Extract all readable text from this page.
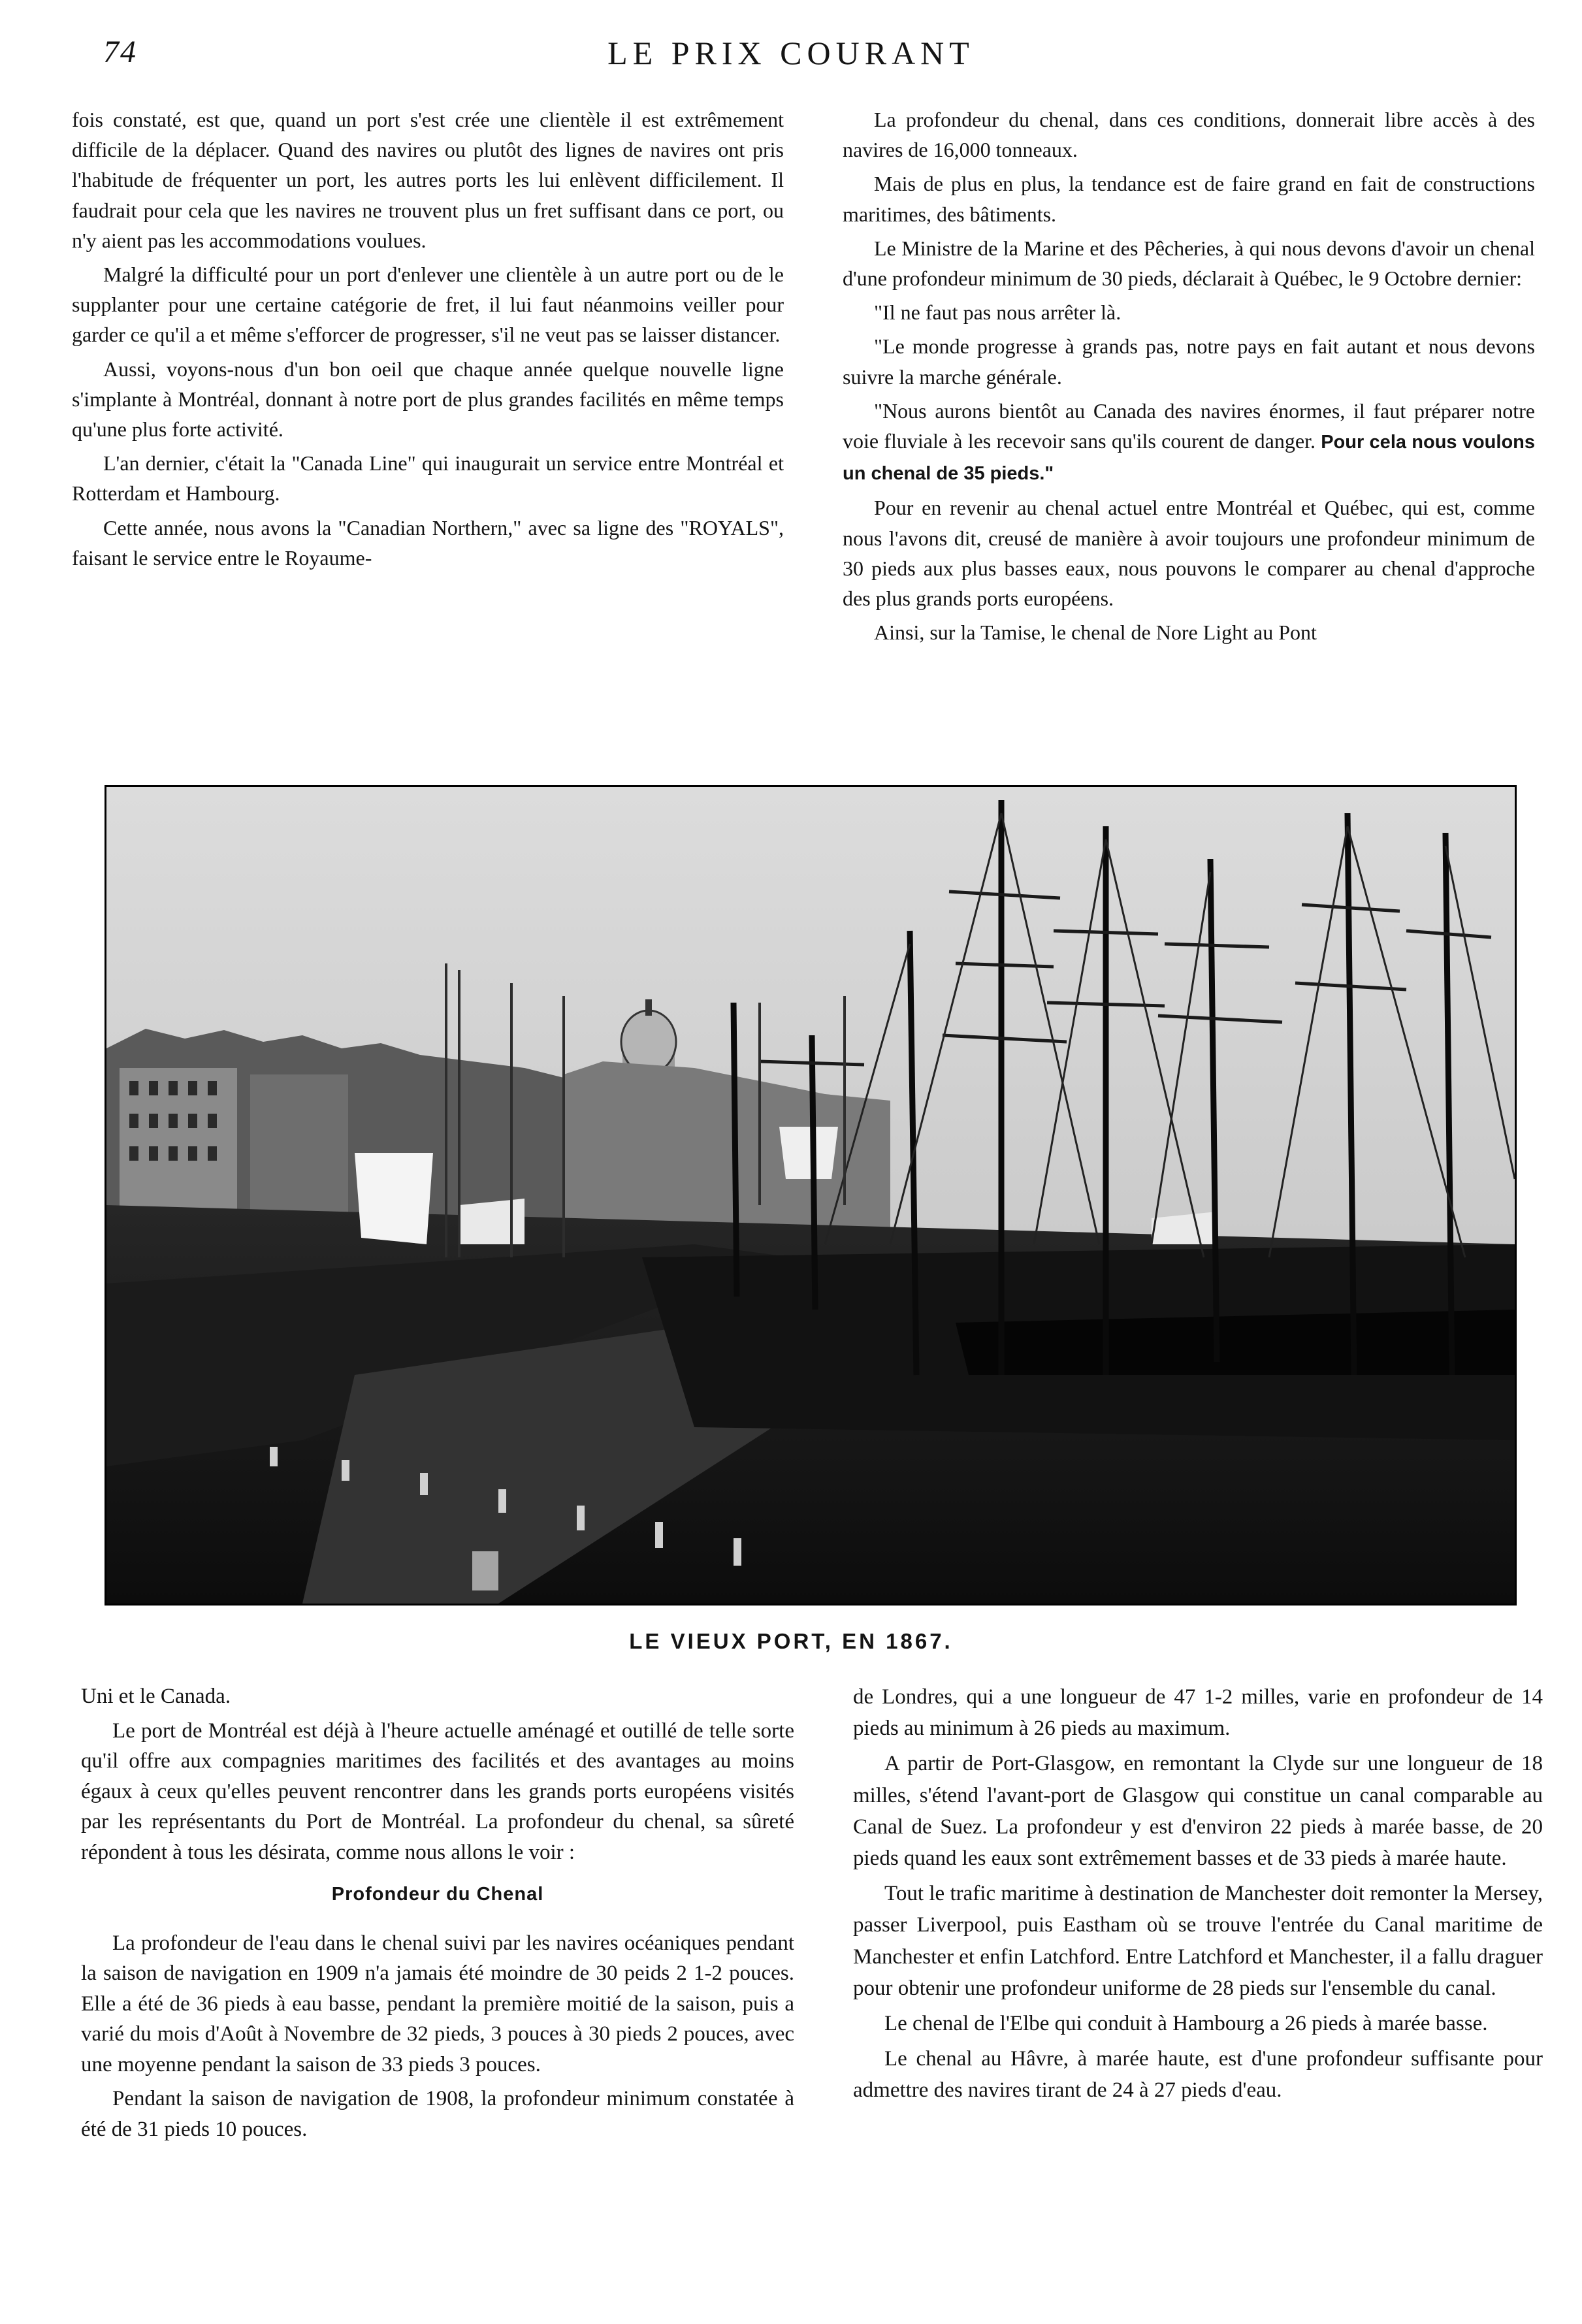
74	LE PRIX COURANT

fois constaté, est que, quand un port s'est crée une clientèle il est extrêmement difficile de la déplacer. Quand des navires ou plutôt des lignes de navires ont pris l'habitude de fréquenter un port, les autres ports les lui enlèvent difficilement. Il faudrait pour cela que les navires ne trouvent plus un fret suffisant dans ce port, ou n'y aient pas les accommodations voulues.

Malgré la difficulté pour un port d'enlever une clientèle à un autre port ou de le supplanter pour une certaine catégorie de fret, il lui faut néanmoins veiller pour garder ce qu'il a et même s'efforcer de progresser, s'il ne veut pas se laisser distancer.

Aussi, voyons-nous d'un bon oeil que chaque année quelque nouvelle ligne s'implante à Montréal, donnant à notre port de plus grandes facilités en même temps qu'une plus forte activité.

L'an dernier, c'était la "Canada Line" qui inaugurait un service entre Montréal et Rotterdam et Hambourg.

Cette année, nous avons la "Canadian Northern," avec sa ligne des "ROYALS", faisant le service entre le Royaume-

La profondeur du chenal, dans ces conditions, donnerait libre accès à des navires de 16,000 tonneaux.

Mais de plus en plus, la tendance est de faire grand en fait de constructions maritimes, des bâtiments.

Le Ministre de la Marine et des Pêcheries, à qui nous devons d'avoir un chenal d'une profondeur minimum de 30 pieds, déclarait à Québec, le 9 Octobre dernier:

"Il ne faut pas nous arrêter là.

"Le monde progresse à grands pas, notre pays en fait autant et nous devons suivre la marche générale.

"Nous aurons bientôt au Canada des navires énormes, il faut préparer notre voie fluviale à les recevoir sans qu'ils courent de danger. Pour cela nous voulons un chenal de 35 pieds."

Pour en revenir au chenal actuel entre Montréal et Québec, qui est, comme nous l'avons dit, creusé de manière à avoir toujours une profondeur minimum de 30 pieds aux plus basses eaux, nous pouvons le comparer au chenal d'approche des plus grands ports européens.

Ainsi, sur la Tamise, le chenal de Nore Light au Pont

LE VIEUX PORT, EN 1867.

Uni et le Canada.

Le port de Montréal est déjà à l'heure actuelle aménagé et outillé de telle sorte qu'il offre aux compagnies maritimes des facilités et des avantages au moins égaux à ceux qu'elles peuvent rencontrer dans les grands ports européens visités par les représentants du Port de Montréal. La profondeur du chenal, sa sûreté répondent à tous les désirata, comme nous allons le voir :

Profondeur du Chenal

La profondeur de l'eau dans le chenal suivi par les navires océaniques pendant la saison de navigation en 1909 n'a jamais été moindre de 30 peids 2 1-2 pouces. Elle a été de 36 pieds à eau basse, pendant la première moitié de la saison, puis a varié du mois d'Août à Novembre de 32 pieds, 3 pouces à 30 pieds 2 pouces, avec une moyenne pendant la saison de 33 pieds 3 pouces.

Pendant la saison de navigation de 1908, la profondeur minimum constatée à été de 31 pieds 10 pouces.

de Londres, qui a une longueur de 47 1-2 milles, varie en profondeur de 14 pieds au minimum à 26 pieds au maximum.

A partir de Port-Glasgow, en remontant la Clyde sur une longueur de 18 milles, s'étend l'avant-port de Glasgow qui constitue un canal comparable au Canal de Suez. La profondeur y est d'environ 22 pieds à marée basse, de 20 pieds quand les eaux sont extrêmement basses et de 33 pieds à marée haute.

Tout le trafic maritime à destination de Manchester doit remonter la Mersey, passer Liverpool, puis Eastham où se trouve l'entrée du Canal maritime de Manchester et enfin Latchford. Entre Latchford et Manchester, il a fallu draguer pour obtenir une profondeur uniforme de 28 pieds sur l'ensemble du canal.

Le chenal de l'Elbe qui conduit à Hambourg a 26 pieds à marée basse.

Le chenal au Hâvre, à marée haute, est d'une profondeur suffisante pour admettre des navires tirant de 24 à 27 pieds d'eau.
